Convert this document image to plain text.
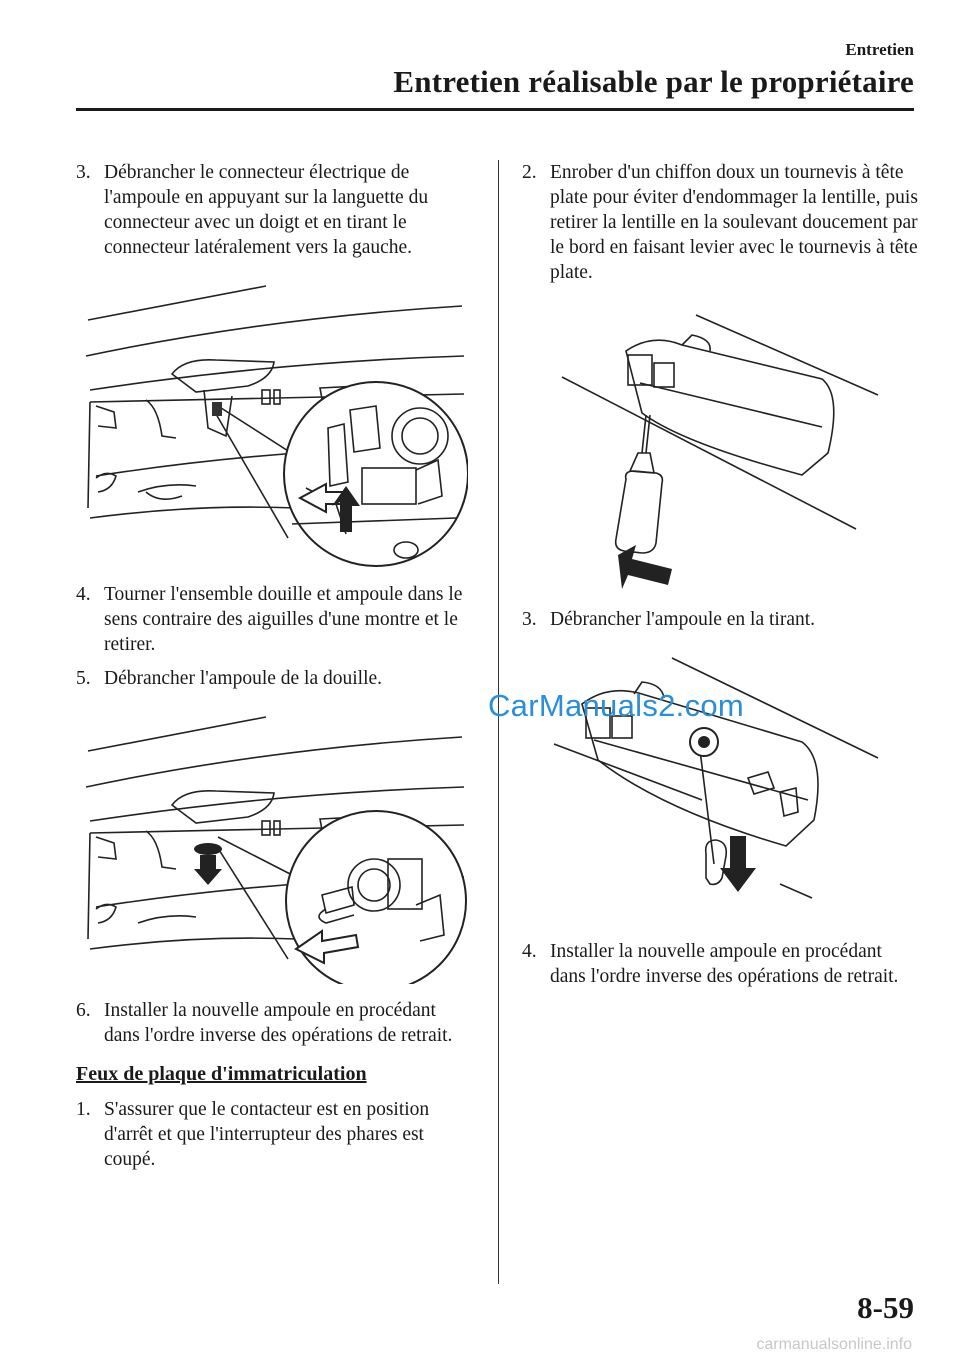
Entretien
Entretien réalisable par le propriétaire
3. Débrancher le connecteur électrique de l'ampoule en appuyant sur la languette du connecteur avec un doigt et en tirant le connecteur latéralement vers la gauche.
4. Tourner l'ensemble douille et ampoule dans le sens contraire des aiguilles d'une montre et le retirer.
5. Débrancher l'ampoule de la douille.
6. Installer la nouvelle ampoule en procédant dans l'ordre inverse des opérations de retrait.
Feux de plaque d'immatriculation
1. S'assurer que le contacteur est en position d'arrêt et que l'interrupteur des phares est coupé.
2. Enrober d'un chiffon doux un tournevis à tête plate pour éviter d'endommager la lentille, puis retirer la lentille en la soulevant doucement par le bord en faisant levier avec le tournevis à tête plate.
3. Débrancher l'ampoule en la tirant.
4. Installer la nouvelle ampoule en procédant dans l'ordre inverse des opérations de retrait.
CarManuals2.com
8-59
carmanualsonline.info
